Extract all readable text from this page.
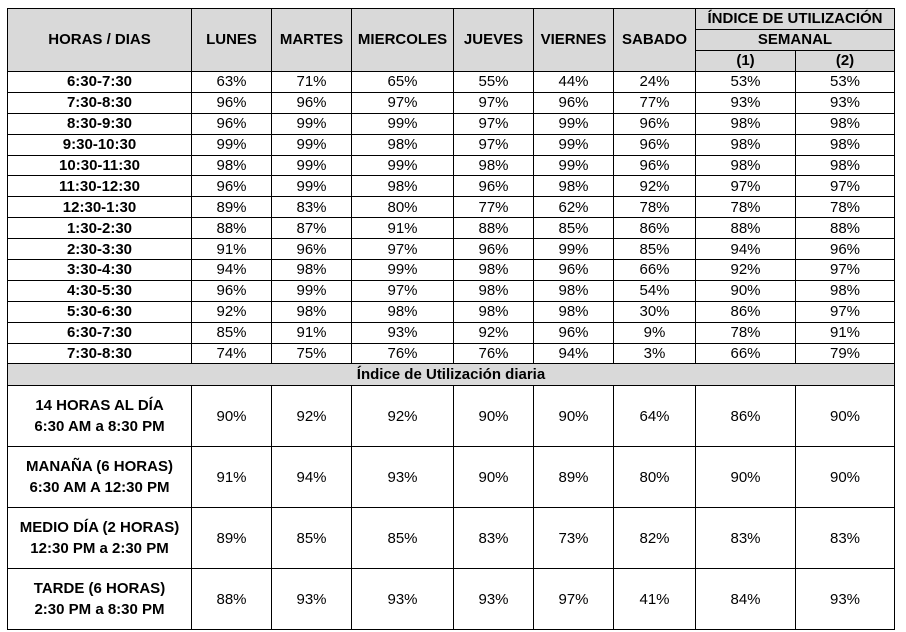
HORAS / DIAS	LUNES	MARTES	MIERCOLES	JUEVES	VIERNES	SABADO	ÍNDICE DE UTILIZACIÓN	
							SEMANAL	
							(1)	(2)
6:30-7:30	63%	71%	65%	55%	44%	24%	53%	53%
7:30-8:30	96%	96%	97%	97%	96%	77%	93%	93%
8:30-9:30	96%	99%	99%	97%	99%	96%	98%	98%
9:30-10:30	99%	99%	98%	97%	99%	96%	98%	98%
10:30-11:30	98%	99%	99%	98%	99%	96%	98%	98%
11:30-12:30	96%	99%	98%	96%	98%	92%	97%	97%
12:30-1:30	89%	83%	80%	77%	62%	78%	78%	78%
1:30-2:30	88%	87%	91%	88%	85%	86%	88%	88%
2:30-3:30	91%	96%	97%	96%	99%	85%	94%	96%
3:30-4:30	94%	98%	99%	98%	96%	66%	92%	97%
4:30-5:30	96%	99%	97%	98%	98%	54%	90%	98%
5:30-6:30	92%	98%	98%	98%	98%	30%	86%	97%
6:30-7:30	85%	91%	93%	92%	96%	9%	78%	91%
7:30-8:30	74%	75%	76%	76%	94%	3%	66%	79%
Índice de Utilización diaria								

14 HORAS AL DÍA
6:30 AM a 8:30 PM	90%	92%	92%	90%	90%	64%	86%	90%

MANAÑA (6 HORAS)
6:30 AM A 12:30 PM	91%	94%	93%	90%	89%	80%	90%	90%

MEDIO DÍA (2 HORAS)
12:30 PM a 2:30 PM	89%	85%	85%	83%	73%	82%	83%	83%

TARDE (6 HORAS)
2:30 PM a 8:30 PM	88%	93%	93%	93%	97%	41%	84%	93%
